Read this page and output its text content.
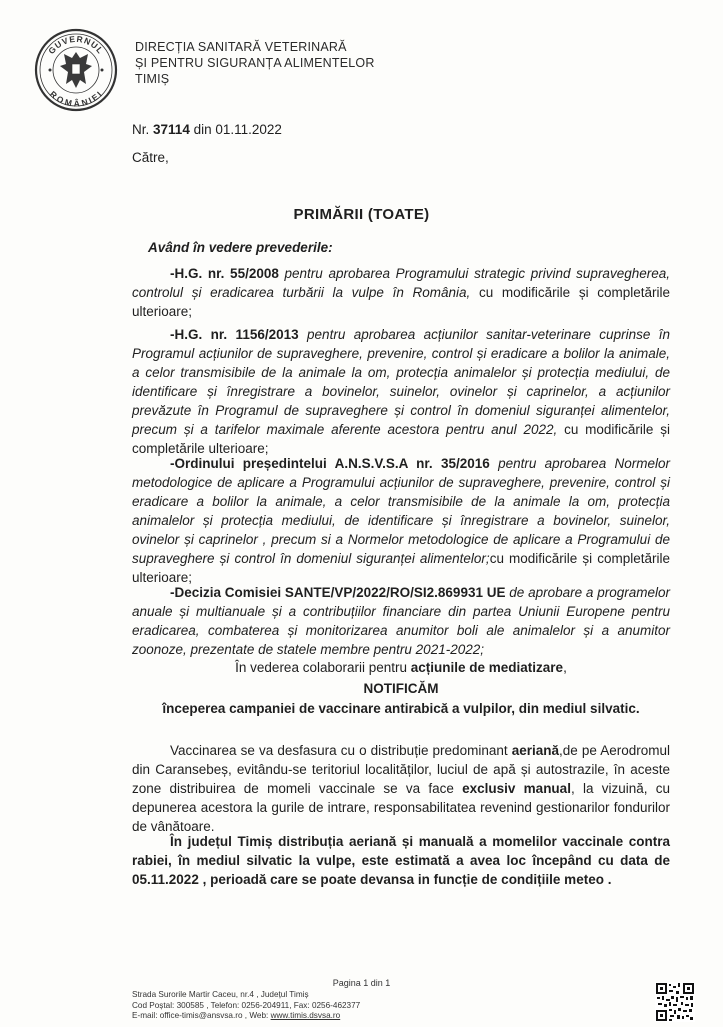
GUVERNUL
ROMÂNIEI
DIRECȚIA SANITARĂ VETERINARĂ
ȘI PENTRU SIGURANȚA ALIMENTELOR
TIMIȘ
Nr. 37114 din 01.11.2022
Către,
PRIMĂRII (TOATE)
Având în vedere prevederile:
-H.G. nr. 55/2008 pentru aprobarea Programului strategic privind supravegherea, controlul și eradicarea turbării la vulpe în România, cu modificările și completările ulterioare;
-H.G. nr. 1156/2013 pentru aprobarea acțiunilor sanitar-veterinare cuprinse în Programul acțiunilor de supraveghere, prevenire, control și eradicare a bolilor la animale, a celor transmisibile de la animale la om, protecția animalelor și protecția mediului, de identificare și înregistrare a bovinelor, suinelor, ovinelor și caprinelor, a acțiunilor prevăzute în Programul de supraveghere și control în domeniul siguranței alimentelor, precum și a tarifelor maximale aferente acestora pentru anul 2022, cu modificările și completările ulterioare;
-Ordinului președintelui A.N.S.V.S.A nr. 35/2016 pentru aprobarea Normelor metodologice de aplicare a Programului acțiunilor de supraveghere, prevenire, control și eradicare a bolilor la animale, a celor transmisibile de la animale la om, protecția animalelor și protecția mediului, de identificare și înregistrare a bovinelor, suinelor, ovinelor și caprinelor , precum si a Normelor metodologice de aplicare a Programului de supraveghere și control în domeniul siguranței alimentelor;cu modificările și completările ulterioare;
-Decizia Comisiei SANTE/VP/2022/RO/SI2.869931 UE de aprobare a programelor anuale și multianuale și a contribuțiilor financiare din partea Uniunii Europene pentru eradicarea, combaterea și monitorizarea anumitor boli ale animalelor și a anumitor zoonoze, prezentate de statele membre pentru 2021-2022;
În vederea colaborarii pentru acțiunile de mediatizare,
NOTIFICĂM
începerea campaniei de vaccinare antirabică a vulpilor, din mediul silvatic.
Vaccinarea se va desfasura cu o distribuție predominant aeriană,de pe Aerodromul din Caransebeș, evitându-se teritoriul localităților, luciul de apă și autostrazile, în aceste zone distribuirea de momeli vaccinale se va face exclusiv manual, la vizuină, cu depunerea acestora la gurile de intrare, responsabilitatea revenind gestionarilor fondurilor de vânătoare.
În județul Timiș distribuția aeriană și manuală a momelilor vaccinale contra rabiei, în mediul silvatic la vulpe, este estimată a avea loc începând cu data de 05.11.2022 , perioadă care se poate devansa in funcție de condițiile meteo .
Pagina 1 din 1
Strada Surorile Martir Caceu, nr.4 , Județul Timiș
Cod Poștal: 300585 , Telefon: 0256-204911, Fax: 0256-462377
E-mail: office-timis@ansvsa.ro , Web: www.timis.dsvsa.ro
